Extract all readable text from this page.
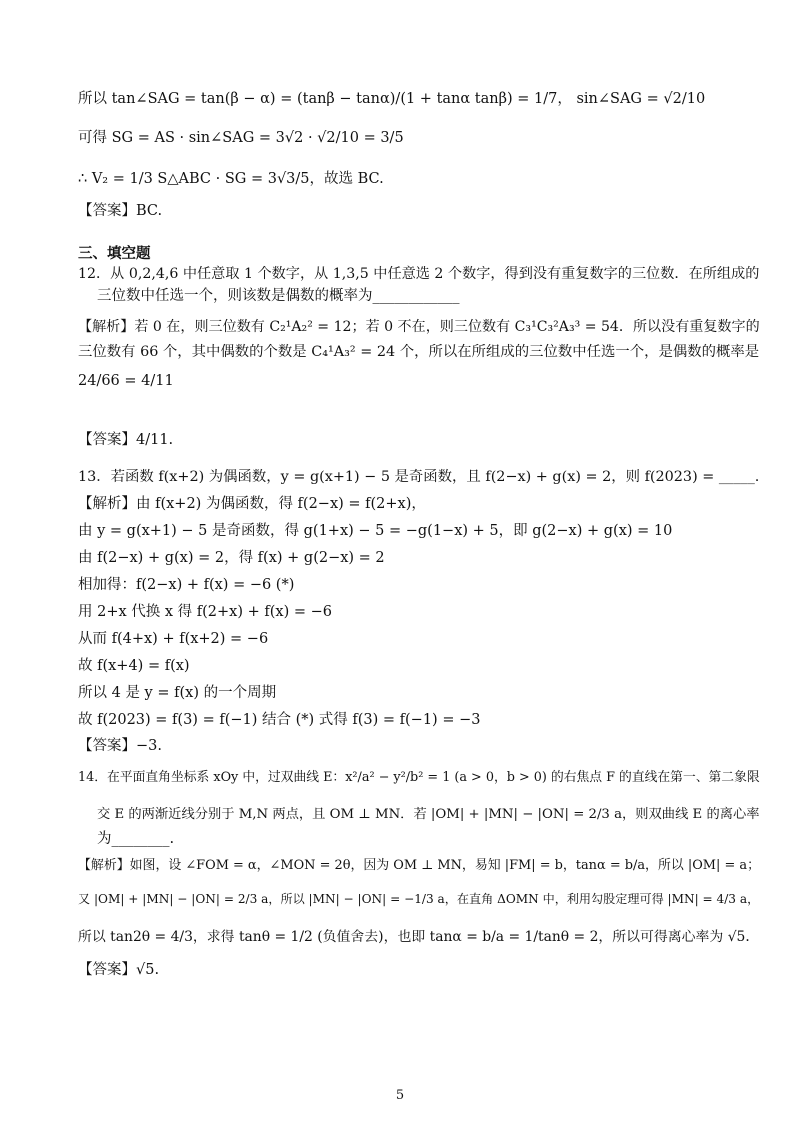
所以 tan∠SAG = tan(β − α) = (tanβ − tanα)/(1 + tanα tanβ) = 1/7， sin∠SAG = √2/10
可得 SG = AS · sin∠SAG = 3√2 · √2/10 = 3/5
∴ V₂ = 1/3 S△ABC · SG = 3√3/5，故选 BC.
【答案】BC.
三、填空题
12．从 0,2,4,6 中任意取 1 个数字，从 1,3,5 中任意选 2 个数字，得到没有重复数字的三位数．在所组成的
三位数中任选一个，则该数是偶数的概率为____________
【解析】若 0 在，则三位数有 C₂¹A₂² = 12；若 0 不在，则三位数有 C₃¹C₃²A₃³ = 54．所以没有重复数字的
三位数有 66 个，其中偶数的个数是 C₄¹A₃² = 24 个，所以在所组成的三位数中任选一个，是偶数的概率是
24/66 = 4/11
【答案】4/11.
13．若函数 f(x+2) 为偶函数，y = g(x+1) − 5 是奇函数，且 f(2−x) + g(x) = 2，则 f(2023) = _____.
【解析】由 f(x+2) 为偶函数，得 f(2−x) = f(2+x)，
由 y = g(x+1) − 5 是奇函数，得 g(1+x) − 5 = −g(1−x) + 5，即 g(2−x) + g(x) = 10
由 f(2−x) + g(x) = 2，得 f(x) + g(2−x) = 2
相加得：f(2−x) + f(x) = −6 (*)
用 2+x 代换 x 得 f(2+x) + f(x) = −6
从而 f(4+x) + f(x+2) = −6
故 f(x+4) = f(x)
所以 4 是 y = f(x) 的一个周期
故 f(2023) = f(3) = f(−1) 结合 (*) 式得 f(3) = f(−1) = −3
【答案】−3.
14．在平面直角坐标系 xOy 中，过双曲线 E：x²/a² − y²/b² = 1 (a > 0，b > 0) 的右焦点 F 的直线在第一、第二象限
交 E 的两渐近线分别于 M,N 两点，且 OM ⊥ MN．若 |OM| + |MN| − |ON| = 2/3 a，则双曲线 E 的离心率
为________.
【解析】如图，设 ∠FOM = α，∠MON = 2θ，因为 OM ⊥ MN，易知 |FM| = b，tanα = b/a，所以 |OM| = a；
又 |OM| + |MN| − |ON| = 2/3 a，所以 |MN| − |ON| = −1/3 a，在直角 ΔOMN 中，利用勾股定理可得 |MN| = 4/3 a，
所以 tan2θ = 4/3，求得 tanθ = 1/2 (负值舍去)，也即 tanα = b/a = 1/tanθ = 2，所以可得离心率为 √5．
【答案】√5.
5
